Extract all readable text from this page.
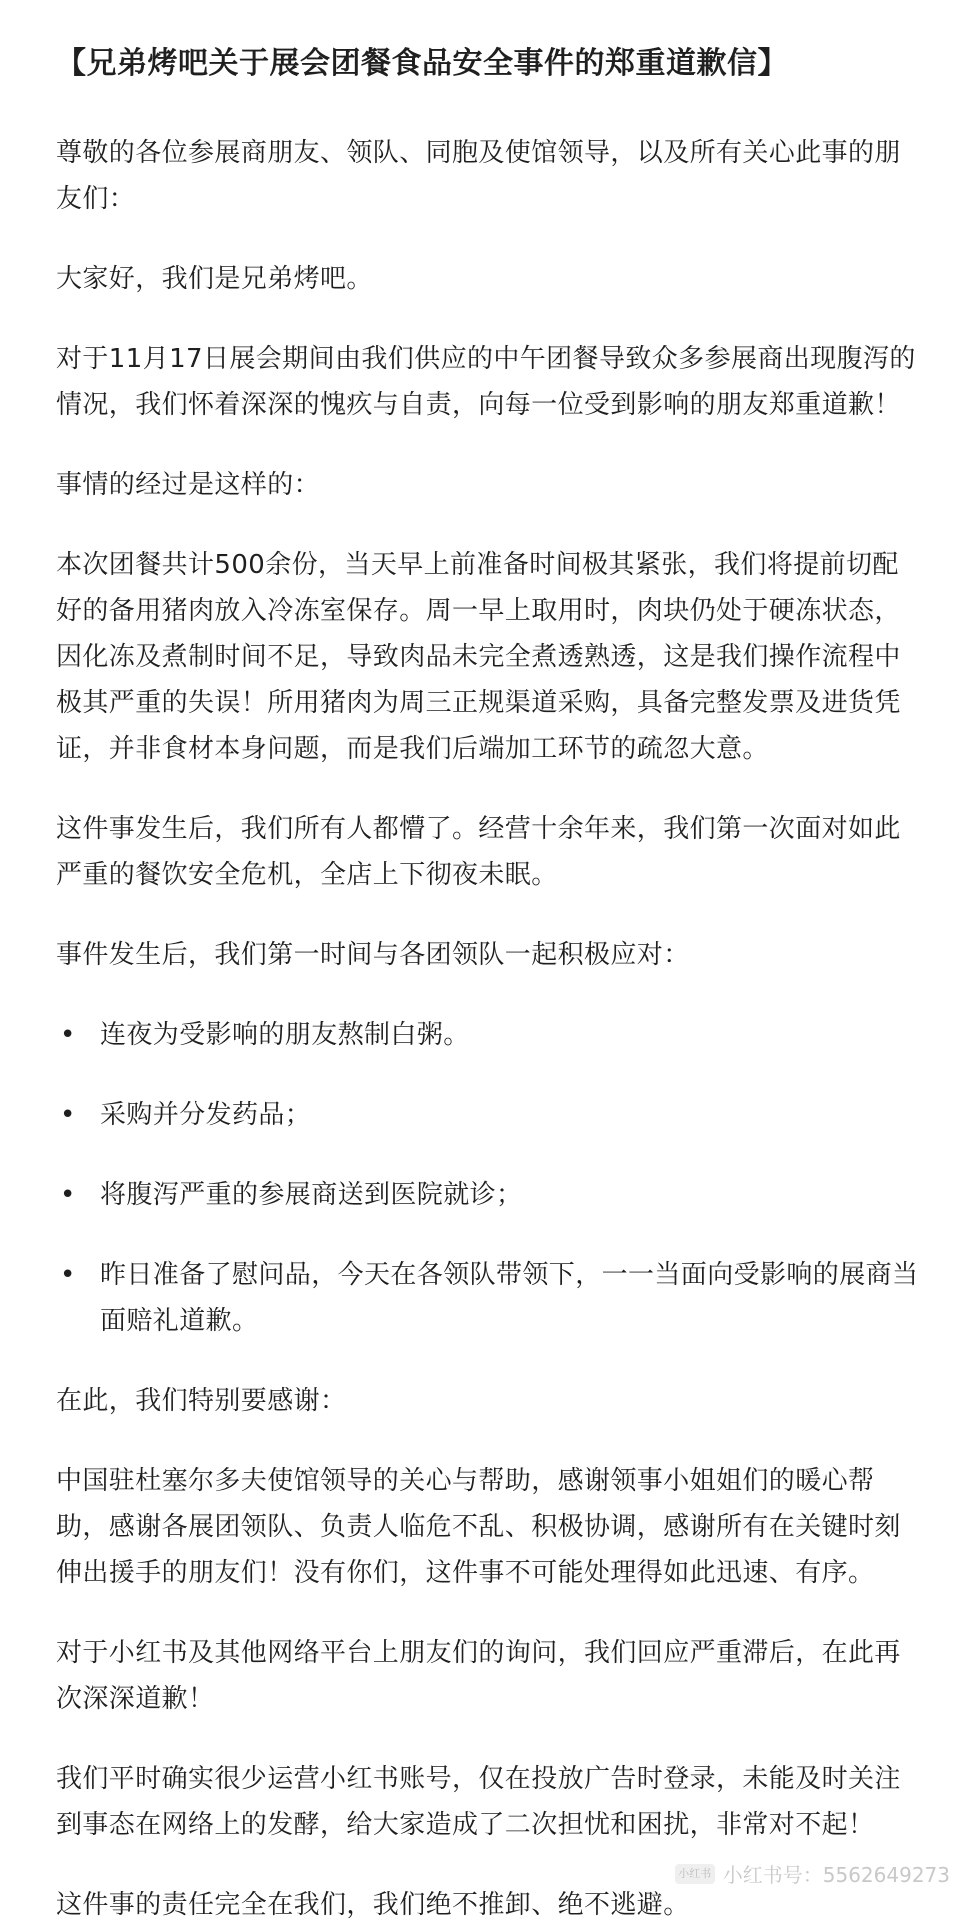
【兄弟烤吧关于展会团餐食品安全事件的郑重道歉信】
尊敬的各位参展商朋友、领队、同胞及使馆领导，以及所有关心此事的朋友们：
大家好，我们是兄弟烤吧。
对于11月17日展会期间由我们供应的中午团餐导致众多参展商出现腹泻的情况，我们怀着深深的愧疚与自责，向每一位受到影响的朋友郑重道歉！
事情的经过是这样的：
本次团餐共计500余份，当天早上前准备时间极其紧张，我们将提前切配好的备用猪肉放入冷冻室保存。周一早上取用时，肉块仍处于硬冻状态，因化冻及煮制时间不足，导致肉品未完全煮透熟透，这是我们操作流程中极其严重的失误！所用猪肉为周三正规渠道采购，具备完整发票及进货凭证，并非食材本身问题，而是我们后端加工环节的疏忽大意。
这件事发生后，我们所有人都懵了。经营十余年来，我们第一次面对如此严重的餐饮安全危机，全店上下彻夜未眠。
事件发生后，我们第一时间与各团领队一起积极应对：
• 连夜为受影响的朋友熬制白粥。
• 采购并分发药品；
• 将腹泻严重的参展商送到医院就诊；
• 昨日准备了慰问品，今天在各领队带领下，一一当面向受影响的展商当面赔礼道歉。
在此，我们特别要感谢：
中国驻杜塞尔多夫使馆领导的关心与帮助，感谢领事小姐姐们的暖心帮助，感谢各展团领队、负责人临危不乱、积极协调，感谢所有在关键时刻伸出援手的朋友们！没有你们，这件事不可能处理得如此迅速、有序。
对于小红书及其他网络平台上朋友们的询问，我们回应严重滞后，在此再次深深道歉！
我们平时确实很少运营小红书账号，仅在投放广告时登录，未能及时关注到事态在网络上的发酵，给大家造成了二次担忧和困扰，非常对不起！
这件事的责任完全在我们，我们绝不推卸、绝不逃避。
小红书 小红书号：5562649273
